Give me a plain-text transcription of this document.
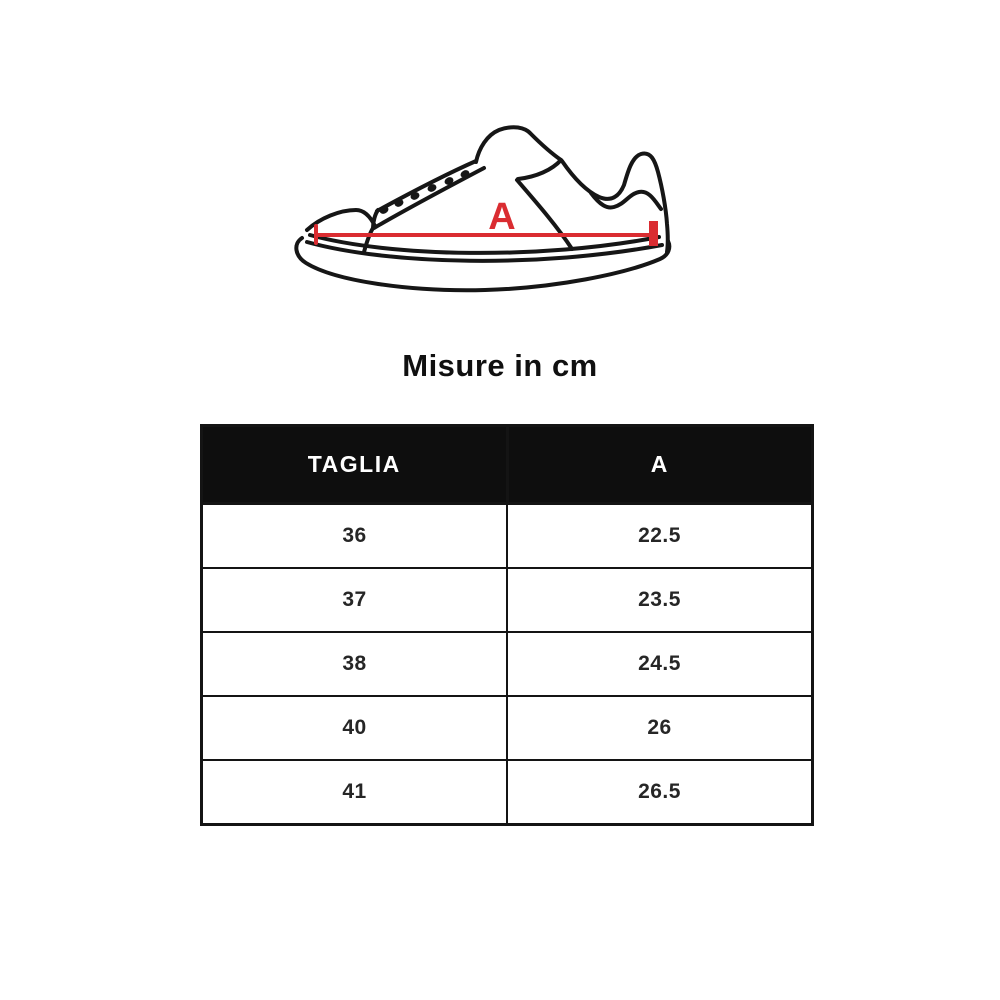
A
Misure in cm
TAGLIA	A
36	22.5
37	23.5
38	24.5
40	26
41	26.5
